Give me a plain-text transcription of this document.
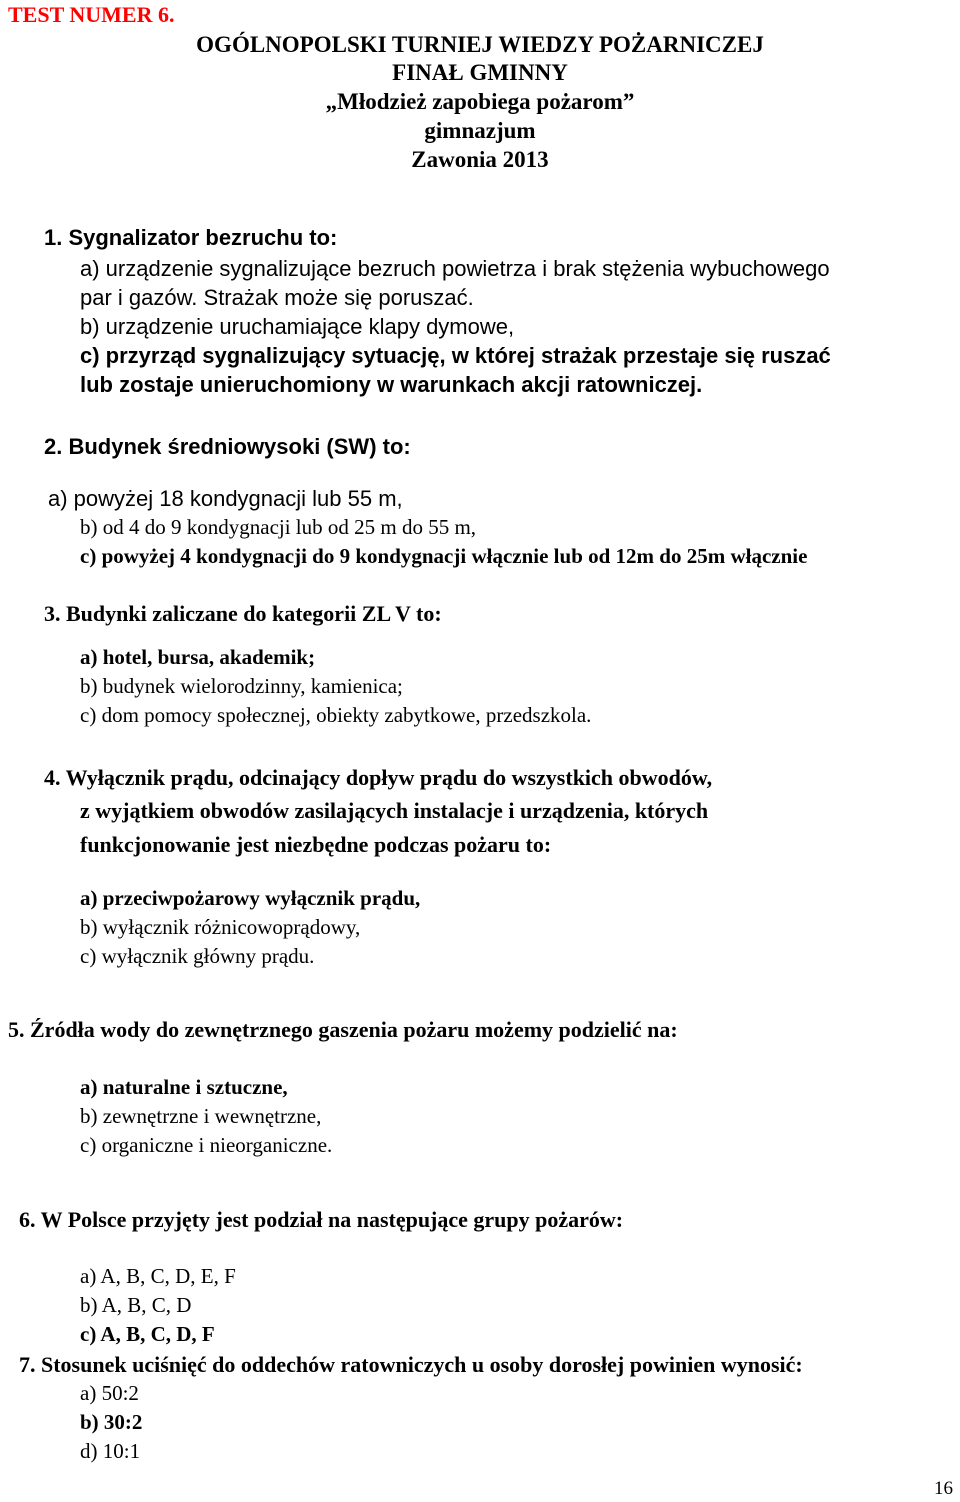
TEST NUMER 6.
OGÓLNOPOLSKI TURNIEJ WIEDZY POŻARNICZEJ
FINAŁ GMINNY
„Młodzież zapobiega pożarom”
gimnazjum
Zawonia 2013
1. Sygnalizator bezruchu to:
a) urządzenie sygnalizujące bezruch powietrza i brak stężenia wybuchowego
par i gazów. Strażak może się poruszać.
b) urządzenie uruchamiające klapy dymowe,
c) przyrząd sygnalizujący sytuację, w której strażak przestaje się ruszać
lub zostaje unieruchomiony w warunkach akcji ratowniczej.
2. Budynek średniowysoki (SW) to:
a) powyżej 18 kondygnacji lub 55 m,
b) od 4 do 9 kondygnacji lub od 25 m do 55 m,
c) powyżej 4 kondygnacji do 9 kondygnacji włącznie lub od 12m do 25m włącznie
3. Budynki zaliczane do kategorii ZL V to:
a) hotel, bursa, akademik;
b) budynek wielorodzinny, kamienica;
c) dom pomocy społecznej, obiekty zabytkowe, przedszkola.
4. Wyłącznik prądu, odcinający dopływ prądu do wszystkich obwodów,
z wyjątkiem obwodów zasilających instalacje i urządzenia, których
funkcjonowanie jest niezbędne podczas pożaru to:
a) przeciwpożarowy wyłącznik prądu,
b) wyłącznik różnicowoprądowy,
c) wyłącznik główny prądu.
5. Źródła wody do zewnętrznego gaszenia pożaru możemy podzielić na:
a) naturalne i sztuczne,
b) zewnętrzne i wewnętrzne,
c) organiczne i nieorganiczne.
6. W Polsce przyjęty jest podział na następujące grupy pożarów:
a) A, B, C, D, E, F
b) A, B, C, D
c) A, B, C, D, F
7. Stosunek uciśnięć do oddechów ratowniczych u osoby dorosłej powinien wynosić:
a) 50:2
b) 30:2
d) 10:1
16
